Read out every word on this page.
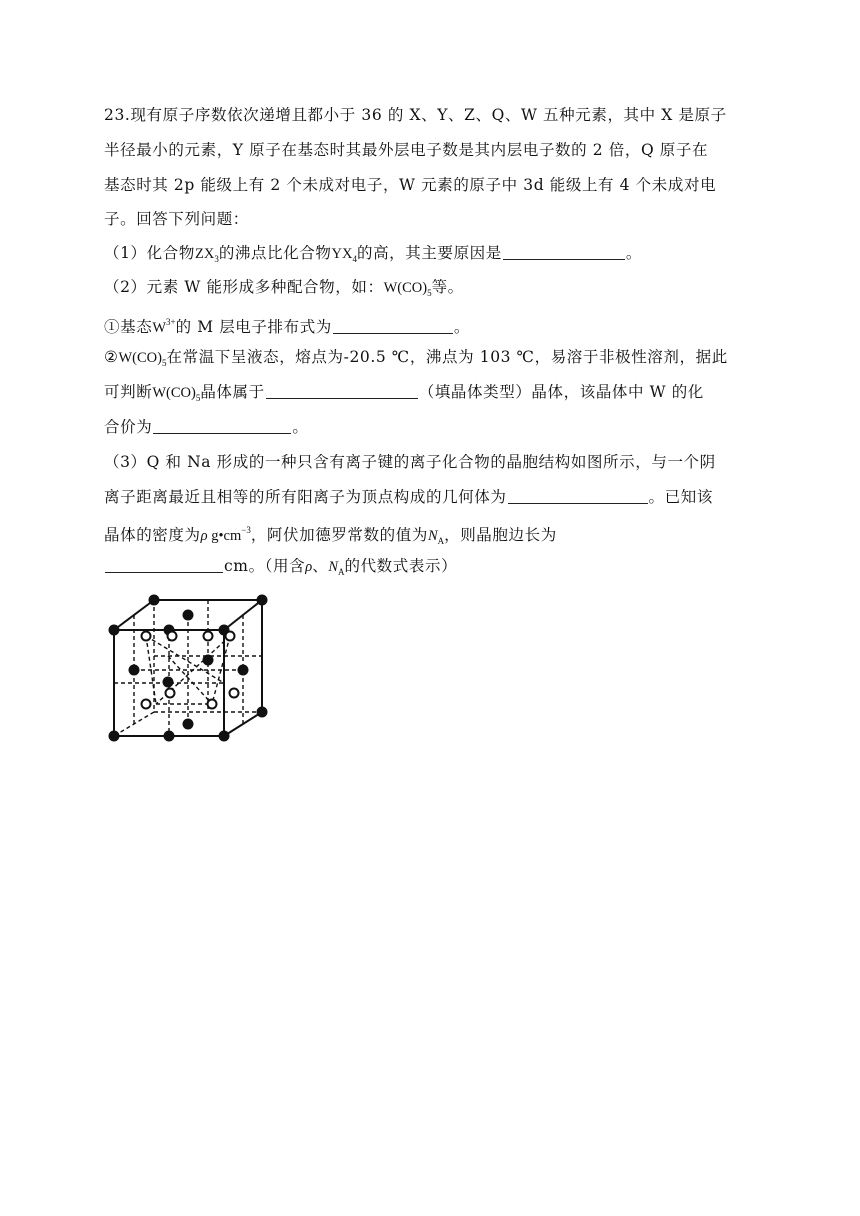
23.现有原子序数依次递增且都小于 36 的 X、Y、Z、Q、W 五种元素，其中 X 是原子
半径最小的元素，Y 原子在基态时其最外层电子数是其内层电子数的 2 倍，Q 原子在
基态时其 2p 能级上有 2 个未成对电子，W 元素的原子中 3d 能级上有 4 个未成对电
子。回答下列问题：
（1）化合物$ZX_3$的沸点比化合物$YX_4$的高，其主要原因是	。
（2）元素 W 能形成多种配合物，如：$W(CO)_5$等。
①基态$W^{3+}$的 M 层电子排布式为	。
$②W(CO)_5$在常温下呈液态，熔点为-20.5 ℃，沸点为 103 ℃，易溶于非极性溶剂，据此
可判断$W(CO)_5$晶体属于	（填晶体类型）晶体，该晶体中 W 的化
合价为	。
（3）Q 和 Na 形成的一种只含有离子键的离子化合物的晶胞结构如图所示，与一个阴
离子距离最近且相等的所有阳离子为顶点构成的几何体为	。已知该
晶体的密度为ρ $g•cm^{-3}$，阿伏加德罗常数的值为$N_A$，则晶胞边长为
cm。（用含ρ、$N_A$的代数式表示）
